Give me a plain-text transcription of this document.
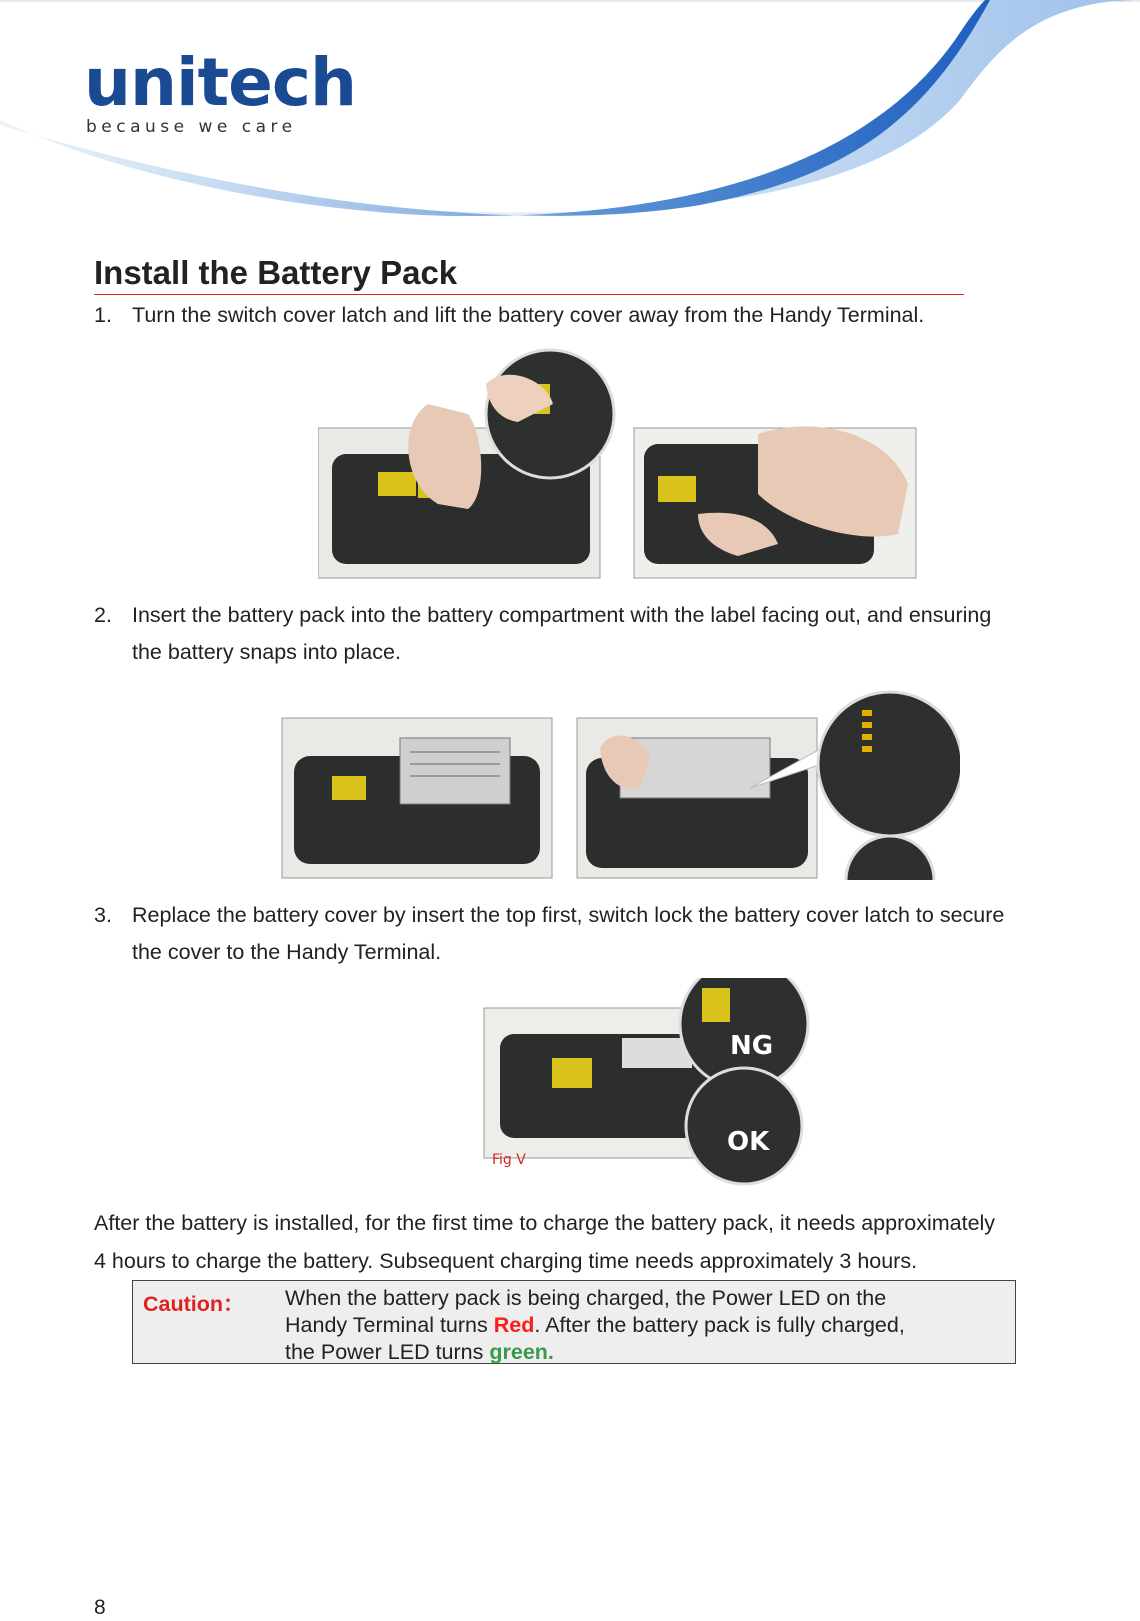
unitech
because we care
Install the Battery Pack
1. Turn the switch cover latch and lift the battery cover away from the Handy Terminal.
2. Insert the battery pack into the battery compartment with the label facing out, and ensuring
the battery snaps into place.
3. Replace the battery cover by insert the top first, switch lock the battery cover latch to secure
the cover to the Handy Terminal.
NG
OK
Fig V
After the battery is installed, for the first time to charge the battery pack, it needs approximately
4 hours to charge the battery. Subsequent charging time needs approximately 3 hours.
Caution： When the battery pack is being charged, the Power LED on the
Handy Terminal turns Red. After the battery pack is fully charged,
the Power LED turns green.
8
